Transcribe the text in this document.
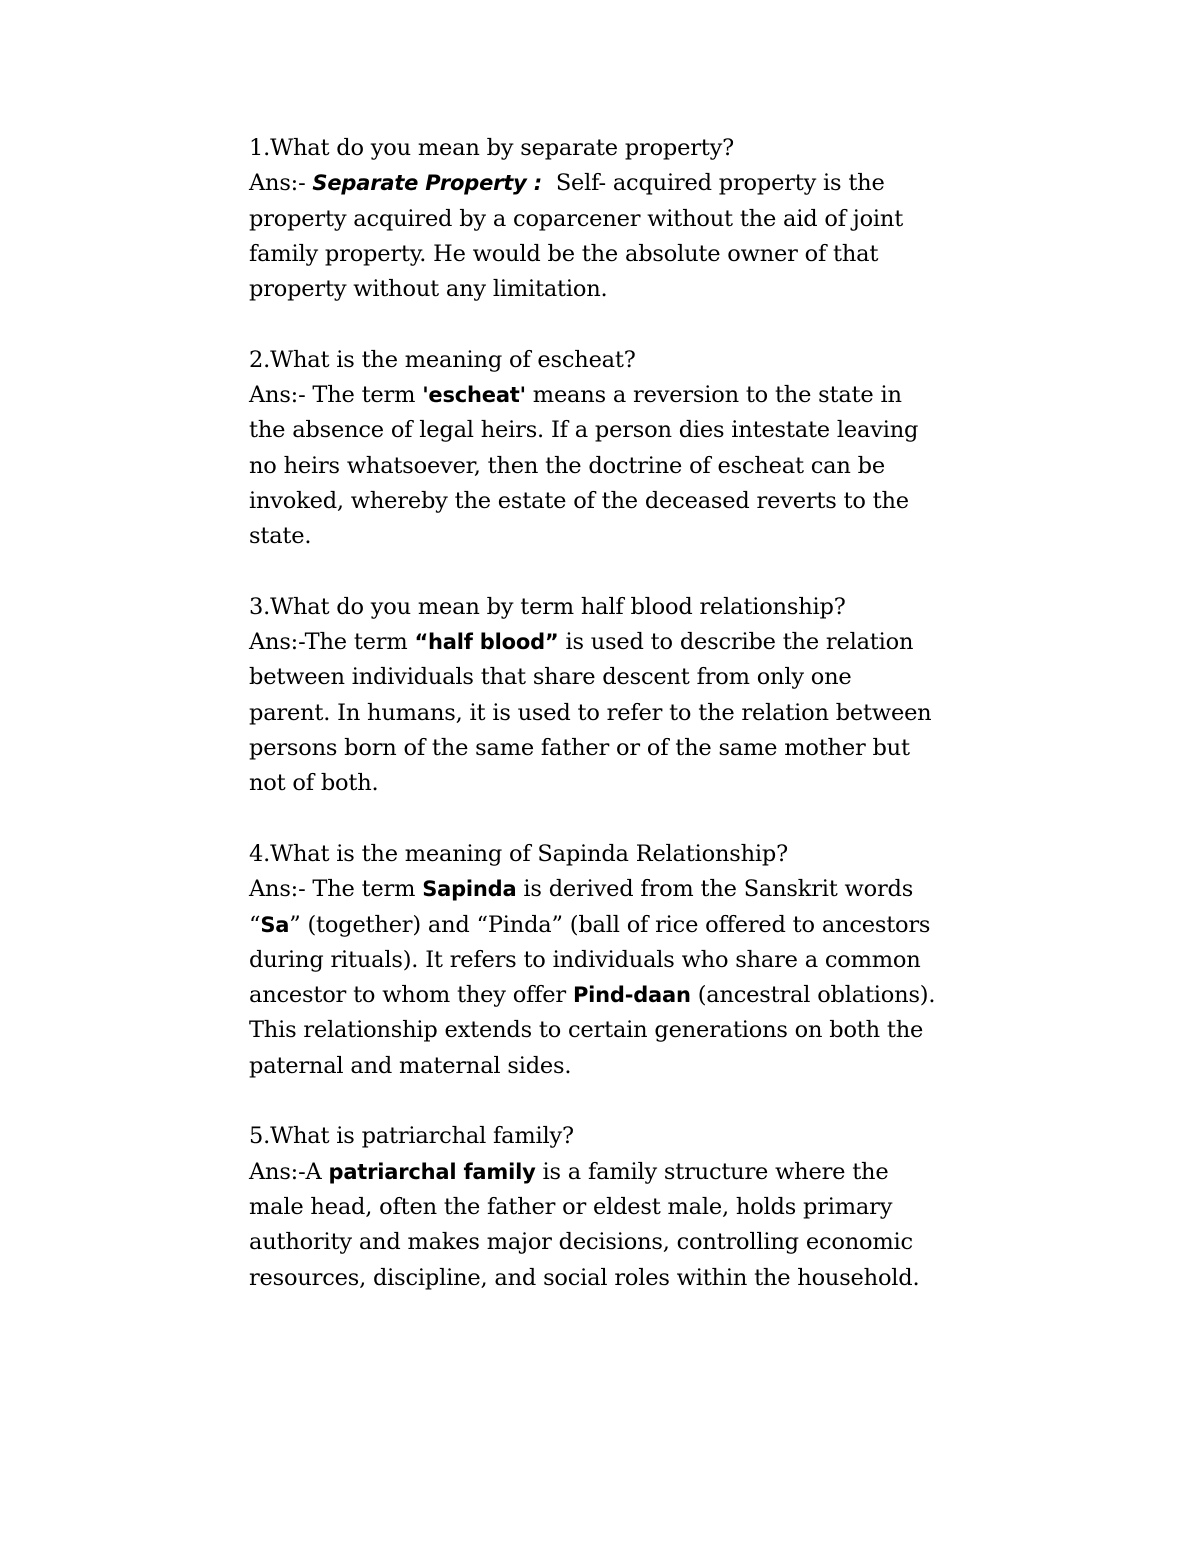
1.What do you mean by separate property?
Ans:- Separate Property :  Self- acquired property is the
property acquired by a coparcener without the aid of joint
family property. He would be the absolute owner of that
property without any limitation.
2.What is the meaning of escheat?
Ans:- The term 'escheat' means a reversion to the state in
the absence of legal heirs. If a person dies intestate leaving
no heirs whatsoever, then the doctrine of escheat can be
invoked, whereby the estate of the deceased reverts to the
state.
3.What do you mean by term half blood relationship?
Ans:-The term “half blood” is used to describe the relation
between individuals that share descent from only one
parent. In humans, it is used to refer to the relation between
persons born of the same father or of the same mother but
not of both.
4.What is the meaning of Sapinda Relationship?
Ans:- The term Sapinda is derived from the Sanskrit words
“Sa” (together) and “Pinda” (ball of rice offered to ancestors
during rituals). It refers to individuals who share a common
ancestor to whom they offer Pind-daan (ancestral oblations).
This relationship extends to certain generations on both the
paternal and maternal sides.
5.What is patriarchal family?
Ans:-A patriarchal family is a family structure where the
male head, often the father or eldest male, holds primary
authority and makes major decisions, controlling economic
resources, discipline, and social roles within the household.
